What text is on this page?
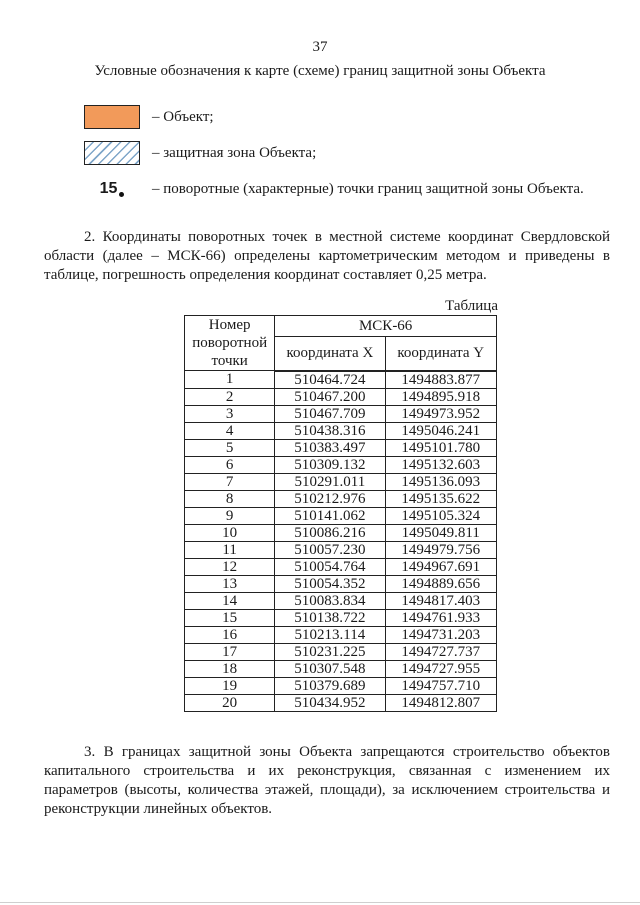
37
Условные обозначения к карте (схеме) границ защитной зоны Объекта
– Объект;
– защитная зона Объекта;
15 – поворотные (характерные) точки границ защитной зоны Объекта.

2. Координаты поворотных точек в местной системе координат Свердловской области (далее – МСК-66) определены картометрическим методом и приведены в таблице, погрешность определения координат составляет 0,25 метра.

Таблица
Номер поворотной точки	МСК-66	
	координата X	координата Y
1	510464.724	1494883.877
2	510467.200	1494895.918
3	510467.709	1494973.952
4	510438.316	1495046.241
5	510383.497	1495101.780
6	510309.132	1495132.603
7	510291.011	1495136.093
8	510212.976	1495135.622
9	510141.062	1495105.324
10	510086.216	1495049.811
11	510057.230	1494979.756
12	510054.764	1494967.691
13	510054.352	1494889.656
14	510083.834	1494817.403
15	510138.722	1494761.933
16	510213.114	1494731.203
17	510231.225	1494727.737
18	510307.548	1494727.955
19	510379.689	1494757.710
20	510434.952	1494812.807

3. В границах защитной зоны Объекта запрещаются строительство объектов капитального строительства и их реконструкция, связанная с изменением их параметров (высоты, количества этажей, площади), за исключением строительства и реконструкции линейных объектов.
